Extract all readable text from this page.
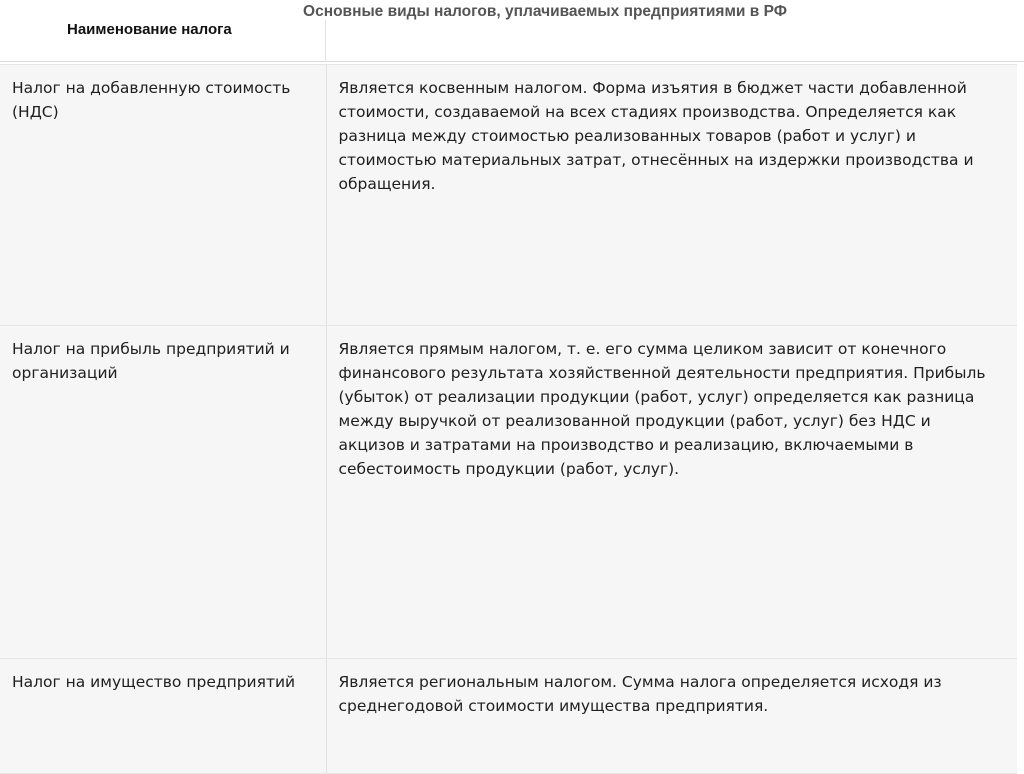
Наименование налога
Основные виды налогов, уплачиваемых предприятиями в РФ
Налог на добавленную стоимость (НДС)	Является косвенным налогом. Форма изъятия в бюджет части добавленной стоимости, создаваемой на всех стадиях производства. Определяется как разница между стоимостью реализованных товаров (работ и услуг) и стоимостью материальных затрат, отнесённых на издержки производства и обращения.
Налог на прибыль предприятий и организаций	Является прямым налогом, т. е. его сумма целиком зависит от конечного финансового результата хозяйственной деятельности предприятия. Прибыль (убыток) от реализации продукции (работ, услуг) определяется как разница между выручкой от реализованной продукции (работ, услуг) без НДС и акцизов и затратами на производство и реализацию, включаемыми в себестоимость продукции (работ, услуг).
Налог на имущество предприятий	Является региональным налогом. Сумма налога определяется исходя из среднегодовой стоимости имущества предприятия.
